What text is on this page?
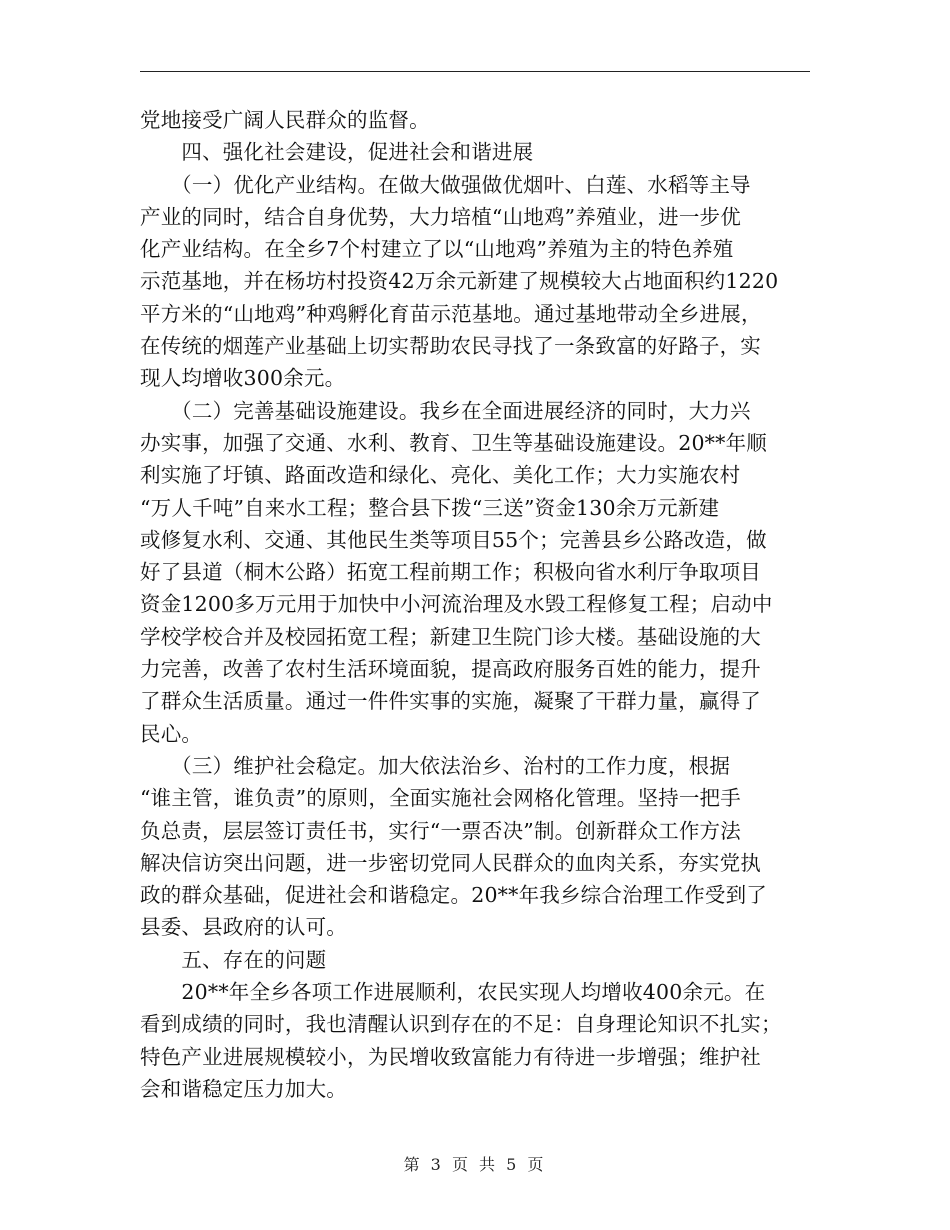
党地接受广阔人民群众的监督。
　　四、强化社会建设，促进社会和谐进展
　　（一）优化产业结构。在做大做强做优烟叶、白莲、水稻等主导
产业的同时，结合自身优势，大力培植“山地鸡”养殖业，进一步优
化产业结构。在全乡7个村建立了以“山地鸡”养殖为主的特色养殖
示范基地，并在杨坊村投资42万余元新建了规模较大占地面积约1220
平方米的“山地鸡”种鸡孵化育苗示范基地。通过基地带动全乡进展，
在传统的烟莲产业基础上切实帮助农民寻找了一条致富的好路子，实
现人均增收300余元。
　　（二）完善基础设施建设。我乡在全面进展经济的同时，大力兴
办实事，加强了交通、水利、教育、卫生等基础设施建设。20**年顺
利实施了圩镇、路面改造和绿化、亮化、美化工作；大力实施农村
“万人千吨”自来水工程；整合县下拨“三送”资金130余万元新建
或修复水利、交通、其他民生类等项目55个；完善县乡公路改造，做
好了县道（桐木公路）拓宽工程前期工作；积极向省水利厅争取项目
资金1200多万元用于加快中小河流治理及水毁工程修复工程；启动中
学校学校合并及校园拓宽工程；新建卫生院门诊大楼。基础设施的大
力完善，改善了农村生活环境面貌，提高政府服务百姓的能力，提升
了群众生活质量。通过一件件实事的实施，凝聚了干群力量，赢得了
民心。
　　（三）维护社会稳定。加大依法治乡、治村的工作力度，根据
“谁主管，谁负责”的原则，全面实施社会网格化管理。坚持一把手
负总责，层层签订责任书，实行“一票否决”制。创新群众工作方法
解决信访突出问题，进一步密切党同人民群众的血肉关系，夯实党执
政的群众基础，促进社会和谐稳定。20**年我乡综合治理工作受到了
县委、县政府的认可。
　　五、存在的问题
　　20**年全乡各项工作进展顺利，农民实现人均增收400余元。在
看到成绩的同时，我也清醒认识到存在的不足：自身理论知识不扎实；
特色产业进展规模较小，为民增收致富能力有待进一步增强；维护社
会和谐稳定压力加大。
第 3 页 共 5 页
